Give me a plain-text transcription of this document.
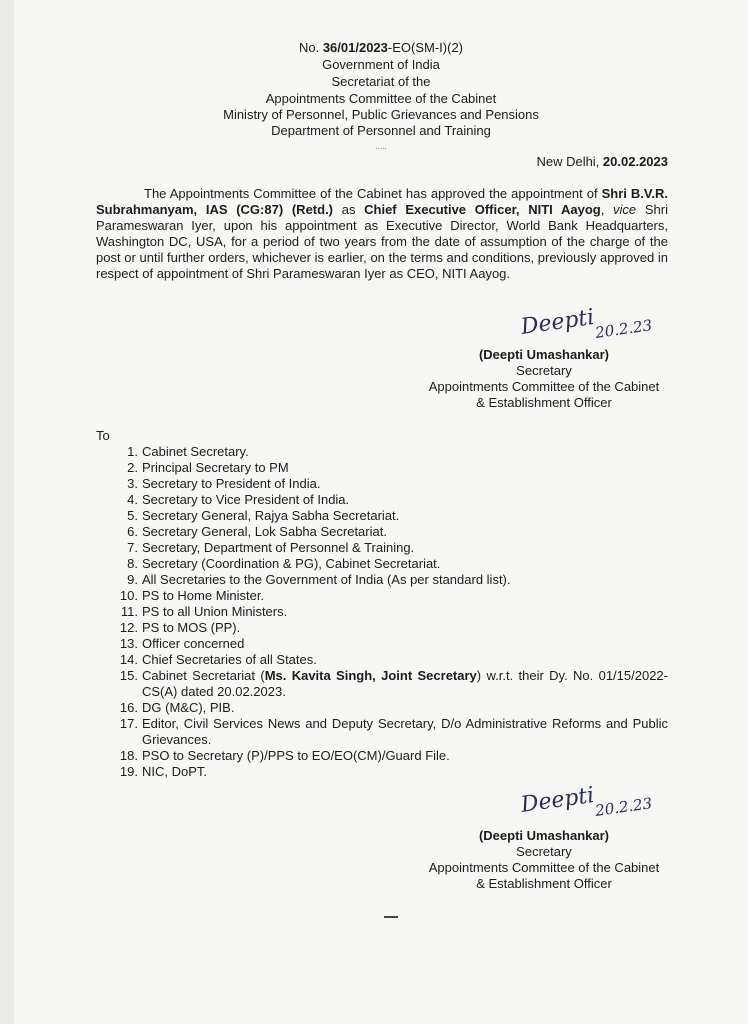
No. 36/01/2023-EO(SM-I)(2)
Government of India
Secretariat of the
Appointments Committee of the Cabinet
Ministry of Personnel, Public Grievances and Pensions
Department of Personnel and Training
.....
New Delhi, 20.02.2023
The Appointments Committee of the Cabinet has approved the appointment of Shri B.V.R. Subrahmanyam, IAS (CG:87) (Retd.) as Chief Executive Officer, NITI Aayog, vice Shri Parameswaran Iyer, upon his appointment as Executive Director, World Bank Headquarters, Washington DC, USA, for a period of two years from the date of assumption of the charge of the post or until further orders, whichever is earlier, on the terms and conditions, previously approved in respect of appointment of Shri Parameswaran Iyer as CEO, NITI Aayog.
Deepti
20.2.23
(Deepti Umashankar)
Secretary
Appointments Committee of the Cabinet
& Establishment Officer
To
1. Cabinet Secretary.
2. Principal Secretary to PM
3. Secretary to President of India.
4. Secretary to Vice President of India.
5. Secretary General, Rajya Sabha Secretariat.
6. Secretary General, Lok Sabha Secretariat.
7. Secretary, Department of Personnel & Training.
8. Secretary (Coordination & PG), Cabinet Secretariat.
9. All Secretaries to the Government of India (As per standard list).
10. PS to Home Minister.
11. PS to all Union Ministers.
12. PS to MOS (PP).
13. Officer concerned
14. Chief Secretaries of all States.
15. Cabinet Secretariat (Ms. Kavita Singh, Joint Secretary) w.r.t. their Dy. No. 01/15/2022-CS(A) dated 20.02.2023.
16. DG (M&C), PIB.
17. Editor, Civil Services News and Deputy Secretary, D/o Administrative Reforms and Public Grievances.
18. PSO to Secretary (P)/PPS to EO/EO(CM)/Guard File.
19. NIC, DoPT.
Deepti
20.2.23
(Deepti Umashankar)
Secretary
Appointments Committee of the Cabinet
& Establishment Officer
